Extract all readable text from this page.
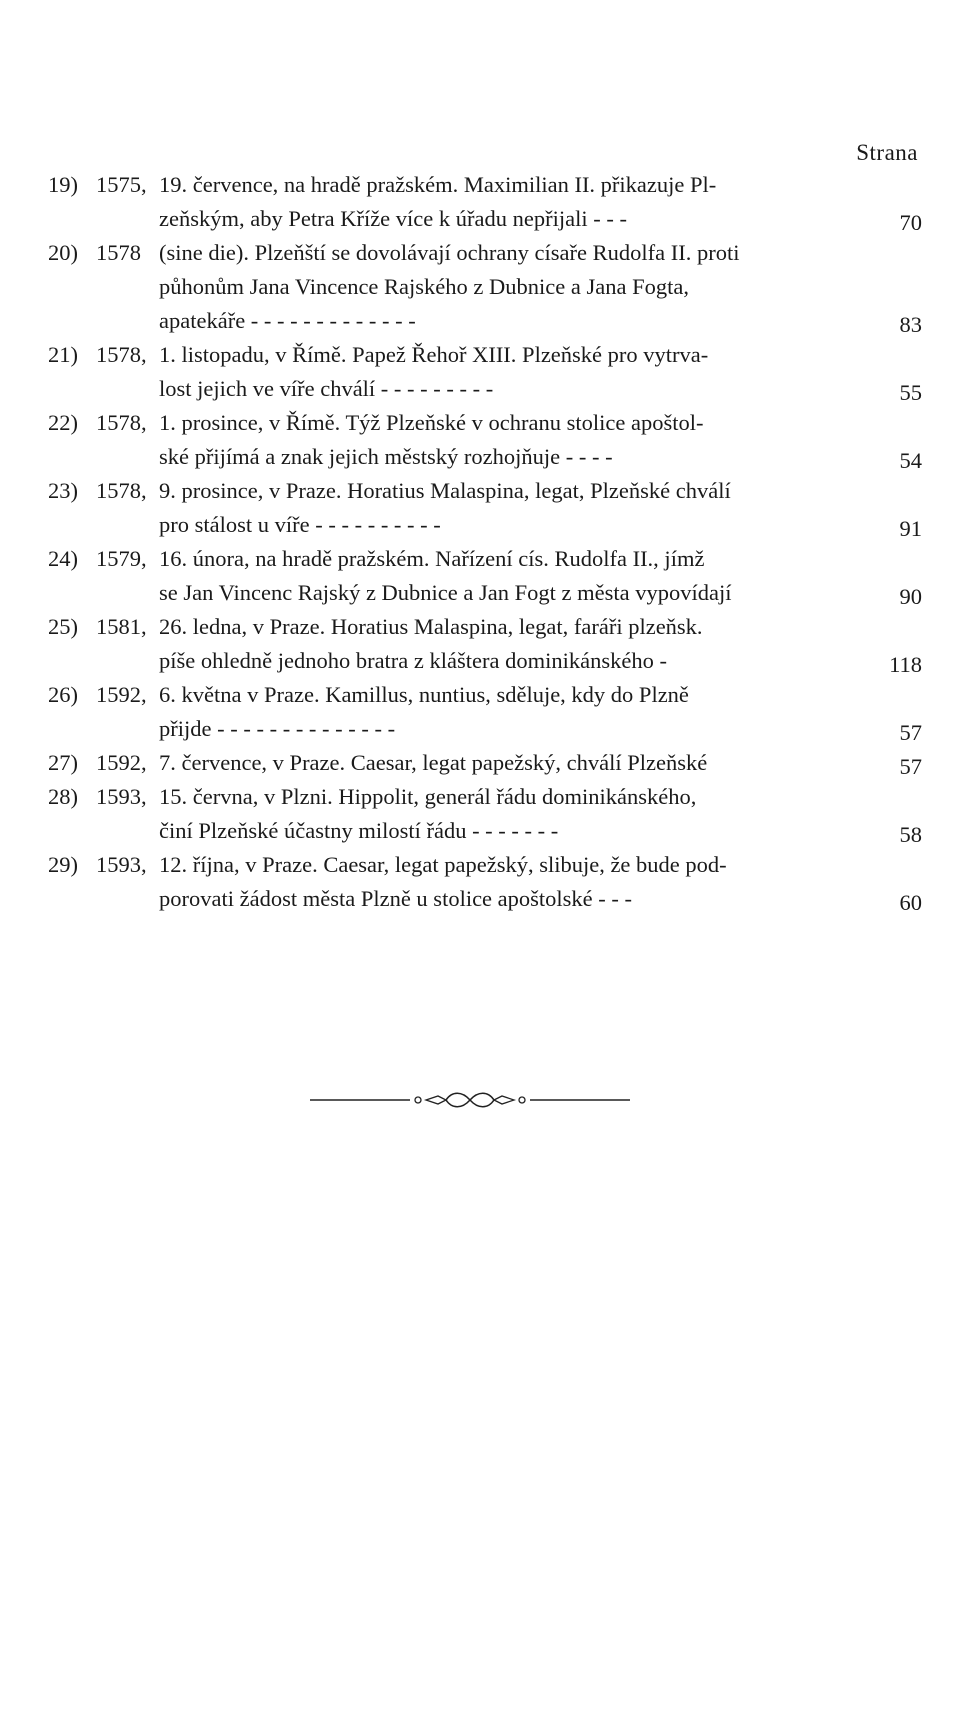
Strana
19) 1575, 19. července, na hradě pražském. Maximilian II. přikazuje Pl-
zeňským, aby Petra Kříže více k úřadu nepřijali - - -	70
20) 1578 (sine die). Plzeňští se dovolávají ochrany císaře Rudolfa II. proti
půhonům Jana Vincence Rajského z Dubnice a Jana Fogta,
apatekáře - - - - - - - - - - - - -	83
21) 1578, 1. listopadu, v Římě. Papež Řehoř XIII. Plzeňské pro vytrva-
lost jejich ve víře chválí - - - - - - - - -	55
22) 1578, 1. prosince, v Římě. Týž Plzeňské v ochranu stolice apoštol-
ské přijímá a znak jejich městský rozhojňuje - - - -	54
23) 1578, 9. prosince, v Praze. Horatius Malaspina, legat, Plzeňské chválí
pro stálost u víře - - - - - - - - - -	91
24) 1579, 16. února, na hradě pražském. Nařízení cís. Rudolfa II., jímž
se Jan Vincenc Rajský z Dubnice a Jan Fogt z města vypovídají	90
25) 1581, 26. ledna, v Praze. Horatius Malaspina, legat, faráři plzeňsk.
píše ohledně jednoho bratra z kláštera dominikánského -	118
26) 1592, 6. května v Praze. Kamillus, nuntius, sděluje, kdy do Plzně
přijde - - - - - - - - - - - - - -	57
27) 1592, 7. července, v Praze. Caesar, legat papežský, chválí Plzeňské	57
28) 1593, 15. června, v Plzni. Hippolit, generál řádu dominikánského,
činí Plzeňské účastny milostí řádu - - - - - - -	58
29) 1593, 12. října, v Praze. Caesar, legat papežský, slibuje, že bude pod-
porovati žádost města Plzně u stolice apoštolské - - -	60
